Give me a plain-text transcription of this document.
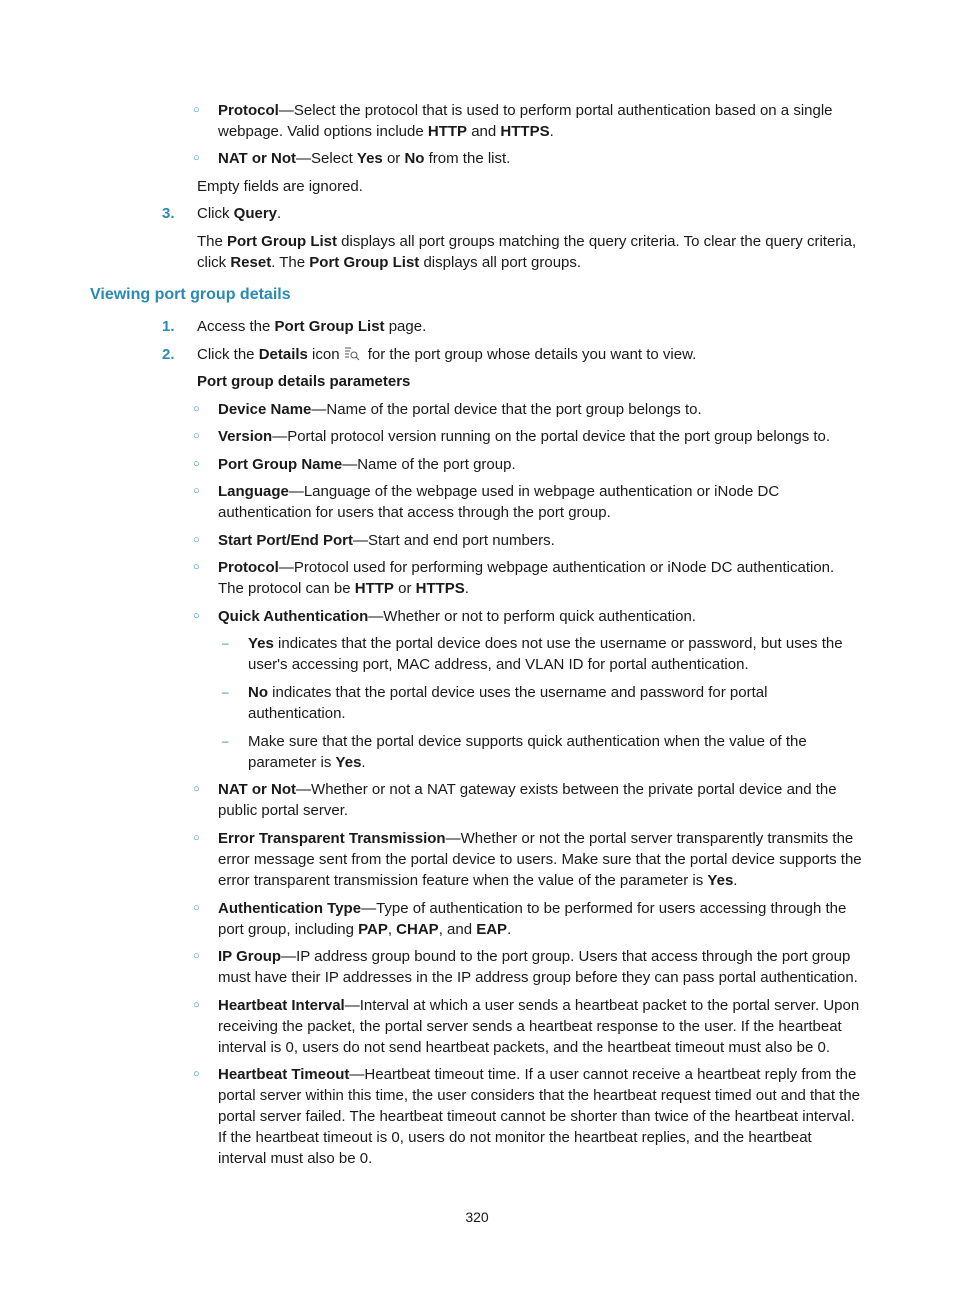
○ Protocol—Select the protocol that is used to perform portal authentication based on a single
webpage. Valid options include HTTP and HTTPS.
○ NAT or Not—Select Yes or No from the list.
Empty fields are ignored.
3. Click Query.
The Port Group List displays all port groups matching the query criteria. To clear the query criteria,
click Reset. The Port Group List displays all port groups.
Viewing port group details
1. Access the Port Group List page.
2. Click the Details icon for the port group whose details you want to view.
Port group details parameters
○ Device Name—Name of the portal device that the port group belongs to.
○ Version—Portal protocol version running on the portal device that the port group belongs to.
○ Port Group Name—Name of the port group.
○ Language—Language of the webpage used in webpage authentication or iNode DC
authentication for users that access through the port group.
○ Start Port/End Port—Start and end port numbers.
○ Protocol—Protocol used for performing webpage authentication or iNode DC authentication.
The protocol can be HTTP or HTTPS.
○ Quick Authentication—Whether or not to perform quick authentication.
– Yes indicates that the portal device does not use the username or password, but uses the
user's accessing port, MAC address, and VLAN ID for portal authentication.
– No indicates that the portal device uses the username and password for portal
authentication.
– Make sure that the portal device supports quick authentication when the value of the
parameter is Yes.
○ NAT or Not—Whether or not a NAT gateway exists between the private portal device and the
public portal server.
○ Error Transparent Transmission—Whether or not the portal server transparently transmits the
error message sent from the portal device to users. Make sure that the portal device supports the
error transparent transmission feature when the value of the parameter is Yes.
○ Authentication Type—Type of authentication to be performed for users accessing through the
port group, including PAP, CHAP, and EAP.
○ IP Group—IP address group bound to the port group. Users that access through the port group
must have their IP addresses in the IP address group before they can pass portal authentication.
○ Heartbeat Interval—Interval at which a user sends a heartbeat packet to the portal server. Upon
receiving the packet, the portal server sends a heartbeat response to the user. If the heartbeat
interval is 0, users do not send heartbeat packets, and the heartbeat timeout must also be 0.
○ Heartbeat Timeout—Heartbeat timeout time. If a user cannot receive a heartbeat reply from the
portal server within this time, the user considers that the heartbeat request timed out and that the
portal server failed. The heartbeat timeout cannot be shorter than twice of the heartbeat interval.
If the heartbeat timeout is 0, users do not monitor the heartbeat replies, and the heartbeat
interval must also be 0.
320
